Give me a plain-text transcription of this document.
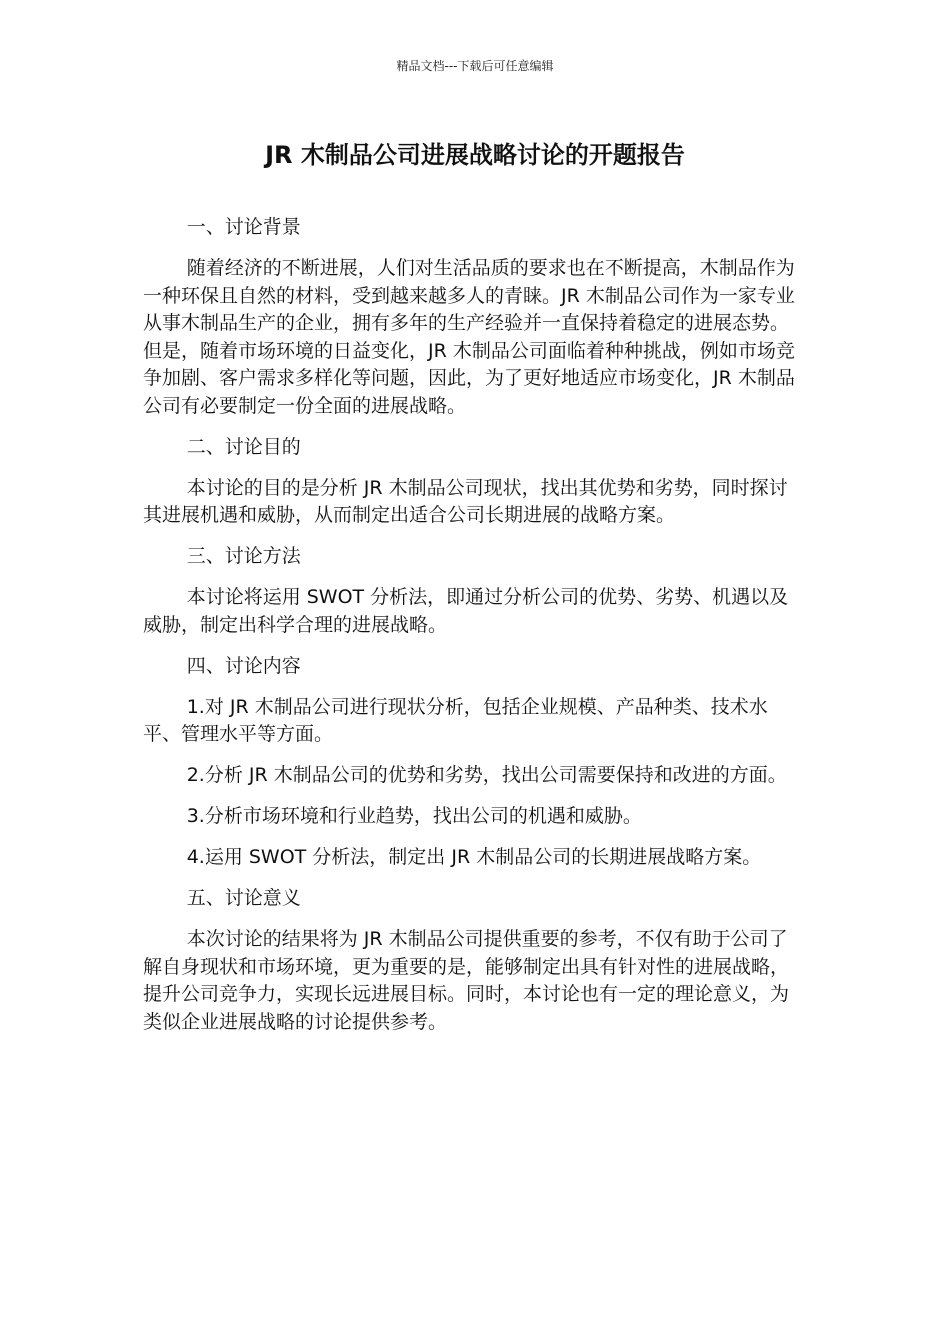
精品文档---下载后可任意编辑
JR 木制品公司进展战略讨论的开题报告

一、讨论背景

随着经济的不断进展，人们对生活品质的要求也在不断提高，木制品作为一种环保且自然的材料，受到越来越多人的青睐。JR 木制品公司作为一家专业从事木制品生产的企业，拥有多年的生产经验并一直保持着稳定的进展态势。但是，随着市场环境的日益变化，JR 木制品公司面临着种种挑战，例如市场竞争加剧、客户需求多样化等问题，因此，为了更好地适应市场变化，JR 木制品公司有必要制定一份全面的进展战略。

二、讨论目的

本讨论的目的是分析 JR 木制品公司现状，找出其优势和劣势，同时探讨其进展机遇和威胁，从而制定出适合公司长期进展的战略方案。

三、讨论方法

本讨论将运用 SWOT 分析法，即通过分析公司的优势、劣势、机遇以及威胁，制定出科学合理的进展战略。

四、讨论内容

1.对 JR 木制品公司进行现状分析，包括企业规模、产品种类、技术水平、管理水平等方面。

2.分析 JR 木制品公司的优势和劣势，找出公司需要保持和改进的方面。

3.分析市场环境和行业趋势，找出公司的机遇和威胁。

4.运用 SWOT 分析法，制定出 JR 木制品公司的长期进展战略方案。

五、讨论意义

本次讨论的结果将为 JR 木制品公司提供重要的参考，不仅有助于公司了解自身现状和市场环境，更为重要的是，能够制定出具有针对性的进展战略，提升公司竞争力，实现长远进展目标。同时，本讨论也有一定的理论意义，为类似企业进展战略的讨论提供参考。
